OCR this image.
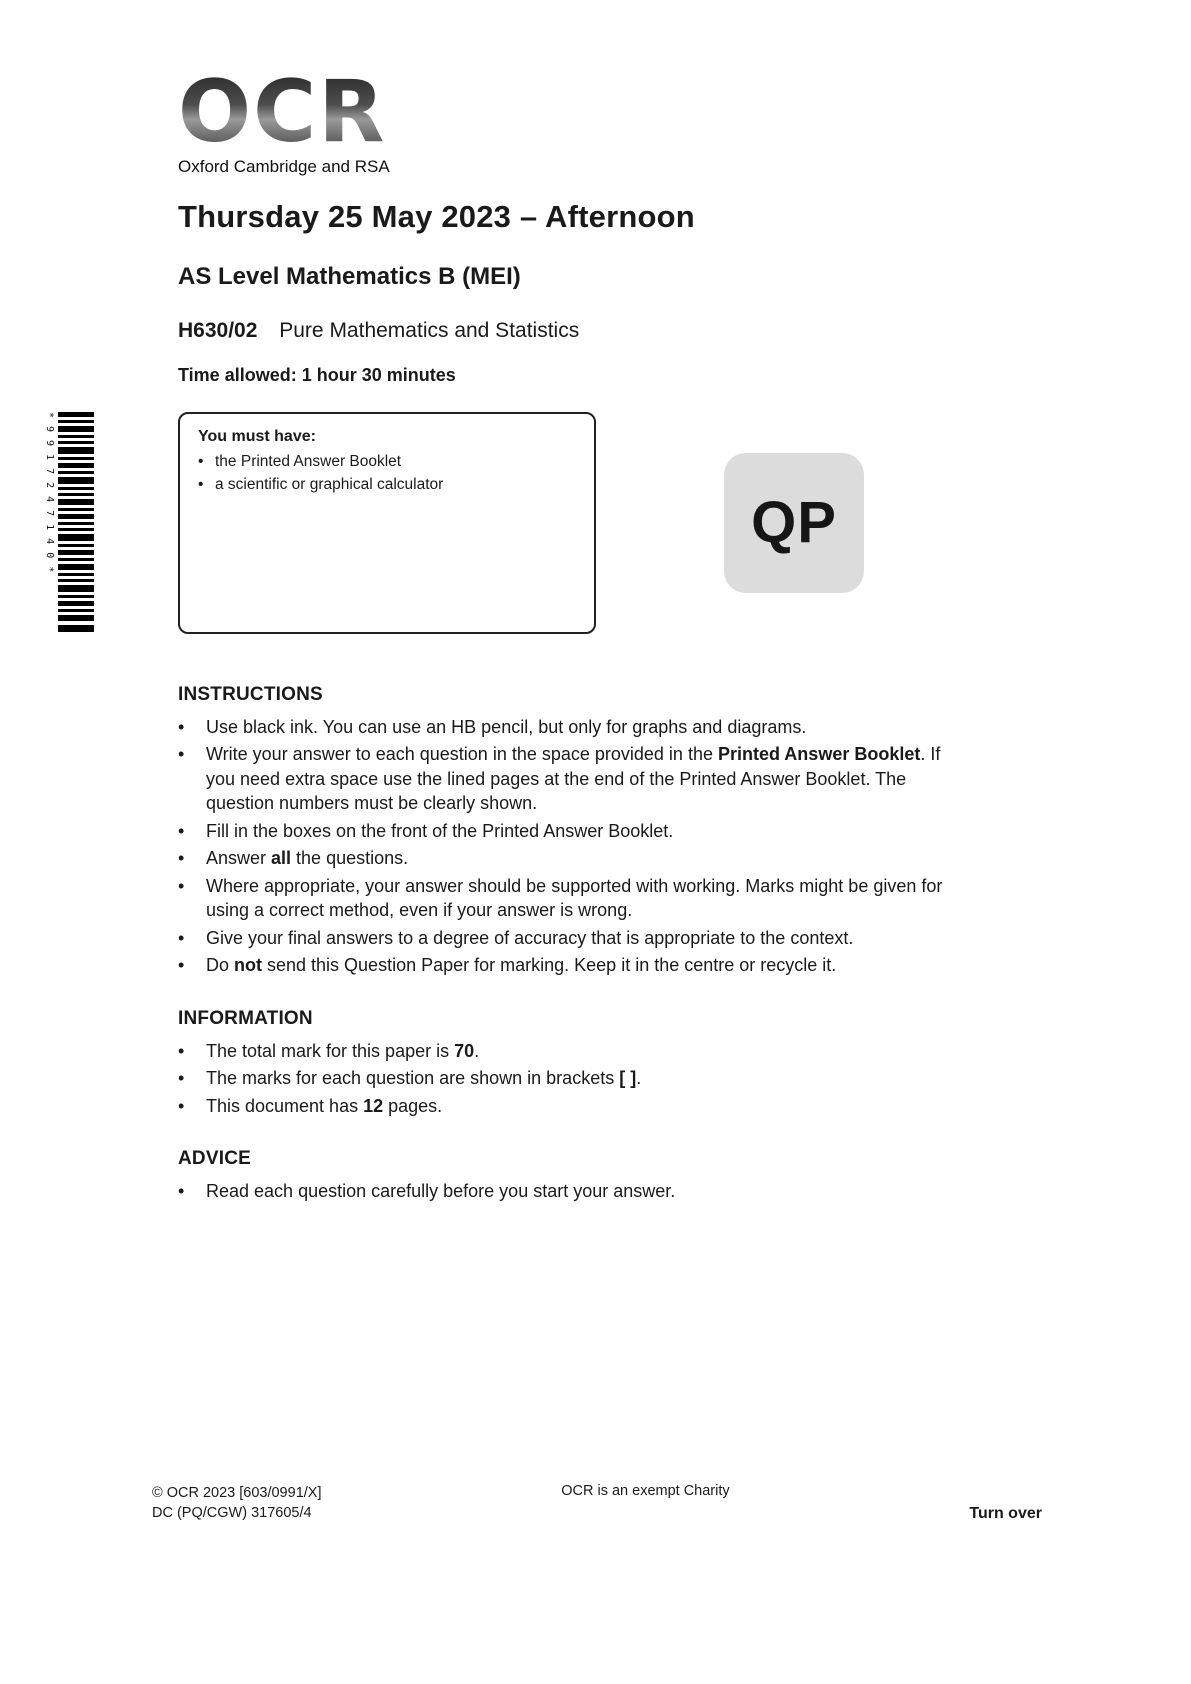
*9917247140*
OCR
Oxford Cambridge and RSA
Thursday 25 May 2023 – Afternoon
AS Level Mathematics B (MEI)
H630/02 Pure Mathematics and Statistics
Time allowed: 1 hour 30 minutes
You must have:
• the Printed Answer Booklet
• a scientific or graphical calculator
QP
INSTRUCTIONS
•	Use black ink. You can use an HB pencil, but only for graphs and diagrams.
•	Write your answer to each question in the space provided in the Printed Answer Booklet. If you need extra space use the lined pages at the end of the Printed Answer Booklet. The question numbers must be clearly shown.
•	Fill in the boxes on the front of the Printed Answer Booklet.
•	Answer all the questions.
•	Where appropriate, your answer should be supported with working. Marks might be given for using a correct method, even if your answer is wrong.
•	Give your final answers to a degree of accuracy that is appropriate to the context.
•	Do not send this Question Paper for marking. Keep it in the centre or recycle it.
INFORMATION
•	The total mark for this paper is 70.
•	The marks for each question are shown in brackets [ ].
•	This document has 12 pages.
ADVICE
•	Read each question carefully before you start your answer.
© OCR 2023 [603/0991/X]
DC (PQ/CGW) 317605/4
OCR is an exempt Charity
Turn over
